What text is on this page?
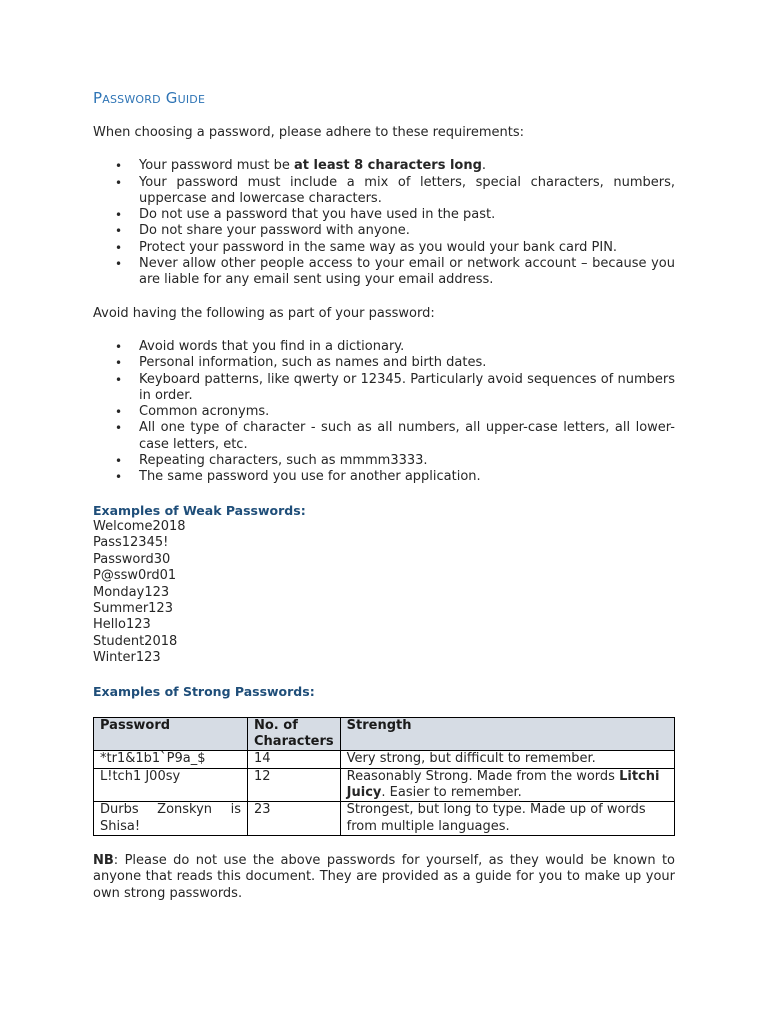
Password Guide

When choosing a password, please adhere to these requirements:

• Your password must be at least 8 characters long.
• Your password must include a mix of letters, special characters, numbers, uppercase and lowercase characters.
• Do not use a password that you have used in the past.
• Do not share your password with anyone.
• Protect your password in the same way as you would your bank card PIN.
• Never allow other people access to your email or network account – because you are liable for any email sent using your email address.

Avoid having the following as part of your password:

• Avoid words that you find in a dictionary.
• Personal information, such as names and birth dates.
• Keyboard patterns, like qwerty or 12345. Particularly avoid sequences of numbers in order.
• Common acronyms.
• All one type of character - such as all numbers, all upper-case letters, all lower-case letters, etc.
• Repeating characters, such as mmmm3333.
• The same password you use for another application.
Examples of Weak Passwords:
Welcome2018
Pass12345!
Password30
P@ssw0rd01
Monday123
Summer123
Hello123
Student2018
Winter123
Examples of Strong Passwords:
Password	No. of Characters	Strength
*tr1&1b1`P9a_$	14	Very strong, but difficult to remember.
L!tch1 J00sy	12	Reasonably Strong. Made from the words Litchi Juicy. Easier to remember.
Durbs Zonskyn is Shisa!	23	Strongest, but long to type. Made up of words from multiple languages.

NB: Please do not use the above passwords for yourself, as they would be known to anyone that reads this document. They are provided as a guide for you to make up your own strong passwords.
